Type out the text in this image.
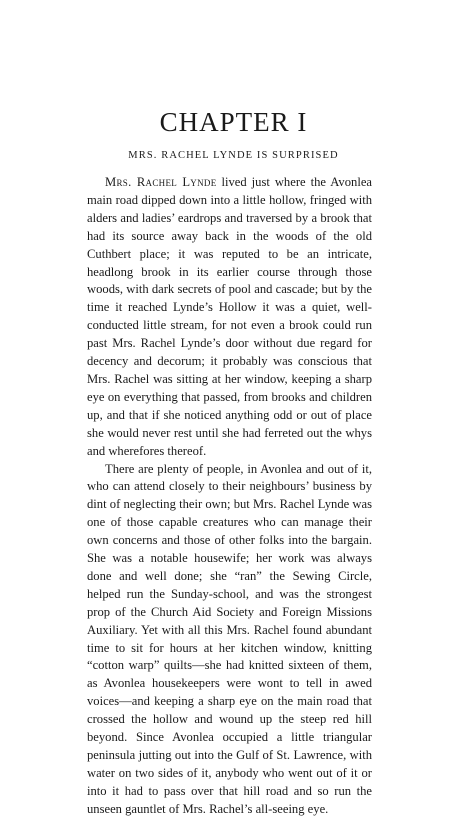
CHAPTER I
MRS. RACHEL LYNDE IS SURPRISED

Mrs. Rachel Lynde lived just where the Avonlea main road dipped down into a little hollow, fringed with alders and ladies’ eardrops and traversed by a brook that had its source away back in the woods of the old Cuthbert place; it was reputed to be an intricate, headlong brook in its earlier course through those woods, with dark secrets of pool and cascade; but by the time it reached Lynde’s Hollow it was a quiet, well-conducted little stream, for not even a brook could run past Mrs. Rachel Lynde’s door without due regard for decency and decorum; it probably was conscious that Mrs. Rachel was sitting at her window, keeping a sharp eye on everything that passed, from brooks and children up, and that if she noticed anything odd or out of place she would never rest until she had ferreted out the whys and wherefores thereof.

There are plenty of people, in Avonlea and out of it, who can attend closely to their neighbours’ business by dint of neglecting their own; but Mrs. Rachel Lynde was one of those capable creatures who can manage their own concerns and those of other folks into the bargain. She was a notable housewife; her work was always done and well done; she “ran” the Sewing Circle, helped run the Sunday-school, and was the strongest prop of the Church Aid Society and Foreign Missions Auxiliary. Yet with all this Mrs. Rachel found abundant time to sit for hours at her kitchen window, knitting “cotton warp” quilts—she had knitted sixteen of them, as Avonlea housekeepers were wont to tell in awed voices—and keeping a sharp eye on the main road that crossed the hollow and wound up the steep red hill beyond. Since Avonlea occupied a little triangular peninsula jutting out into the Gulf of St. Lawrence, with water on two sides of it, anybody who went out of it or into it had to pass over that hill road and so run the unseen gauntlet of Mrs. Rachel’s all-seeing eye.
